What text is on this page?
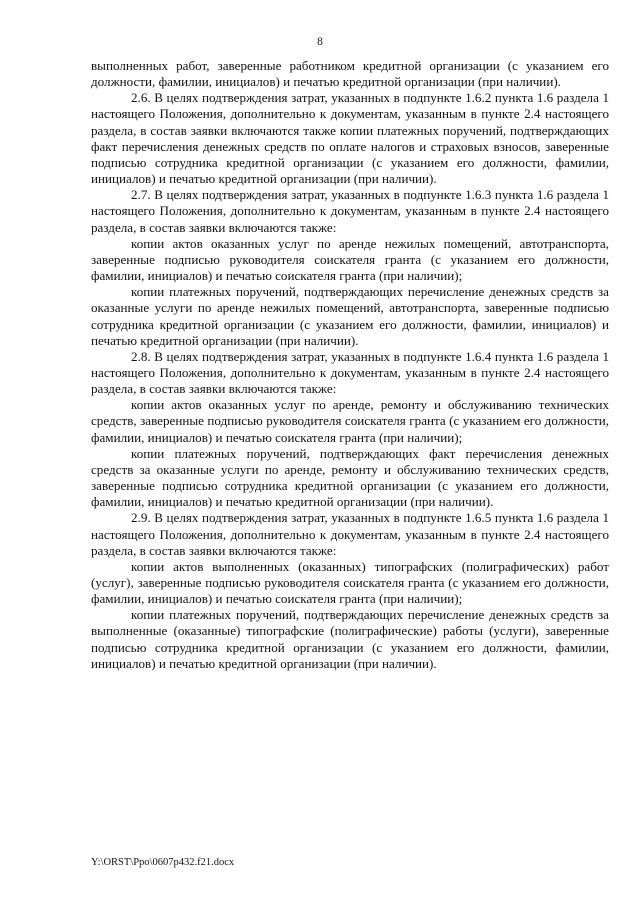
8

выполненных работ, заверенные работником кредитной организации (с указанием его должности, фамилии, инициалов) и печатью кредитной организации (при наличии).

2.6. В целях подтверждения затрат, указанных в подпункте 1.6.2 пункта 1.6 раздела 1 настоящего Положения, дополнительно к документам, указанным в пункте 2.4 настоящего раздела, в состав заявки включаются также копии платежных поручений, подтверждающих факт перечисления денежных средств по оплате налогов и страховых взносов, заверенные подписью сотрудника кредитной организации (с указанием его должности, фамилии, инициалов) и печатью кредитной организации (при наличии).

2.7. В целях подтверждения затрат, указанных в подпункте 1.6.3 пункта 1.6 раздела 1 настоящего Положения, дополнительно к документам, указанным в пункте 2.4 настоящего раздела, в состав заявки включаются также:

копии актов оказанных услуг по аренде нежилых помещений, автотранспорта, заверенные подписью руководителя соискателя гранта (с указанием его должности, фамилии, инициалов) и печатью соискателя гранта (при наличии);

копии платежных поручений, подтверждающих перечисление денежных средств за оказанные услуги по аренде нежилых помещений, автотранспорта, заверенные подписью сотрудника кредитной организации (с указанием его должности, фамилии, инициалов) и печатью кредитной организации (при наличии).

2.8. В целях подтверждения затрат, указанных в подпункте 1.6.4 пункта 1.6 раздела 1 настоящего Положения, дополнительно к документам, указанным в пункте 2.4 настоящего раздела, в состав заявки включаются также:

копии актов оказанных услуг по аренде, ремонту и обслуживанию технических средств, заверенные подписью руководителя соискателя гранта (с указанием его должности, фамилии, инициалов) и печатью соискателя гранта (при наличии);

копии платежных поручений, подтверждающих факт перечисления денежных средств за оказанные услуги по аренде, ремонту и обслуживанию технических средств, заверенные подписью сотрудника кредитной организации (с указанием его должности, фамилии, инициалов) и печатью кредитной организации (при наличии).

2.9. В целях подтверждения затрат, указанных в подпункте 1.6.5 пункта 1.6 раздела 1 настоящего Положения, дополнительно к документам, указанным в пункте 2.4 настоящего раздела, в состав заявки включаются также:

копии актов выполненных (оказанных) типографских (полиграфических) работ (услуг), заверенные подписью руководителя соискателя гранта (с указанием его должности, фамилии, инициалов) и печатью соискателя гранта (при наличии);

копии платежных поручений, подтверждающих перечисление денежных средств за выполненные (оказанные) типографские (полиграфические) работы (услуги), заверенные подписью сотрудника кредитной организации (с указанием его должности, фамилии, инициалов) и печатью кредитной организации (при наличии).

Y:\ORST\Ppo\0607p432.f21.docx
